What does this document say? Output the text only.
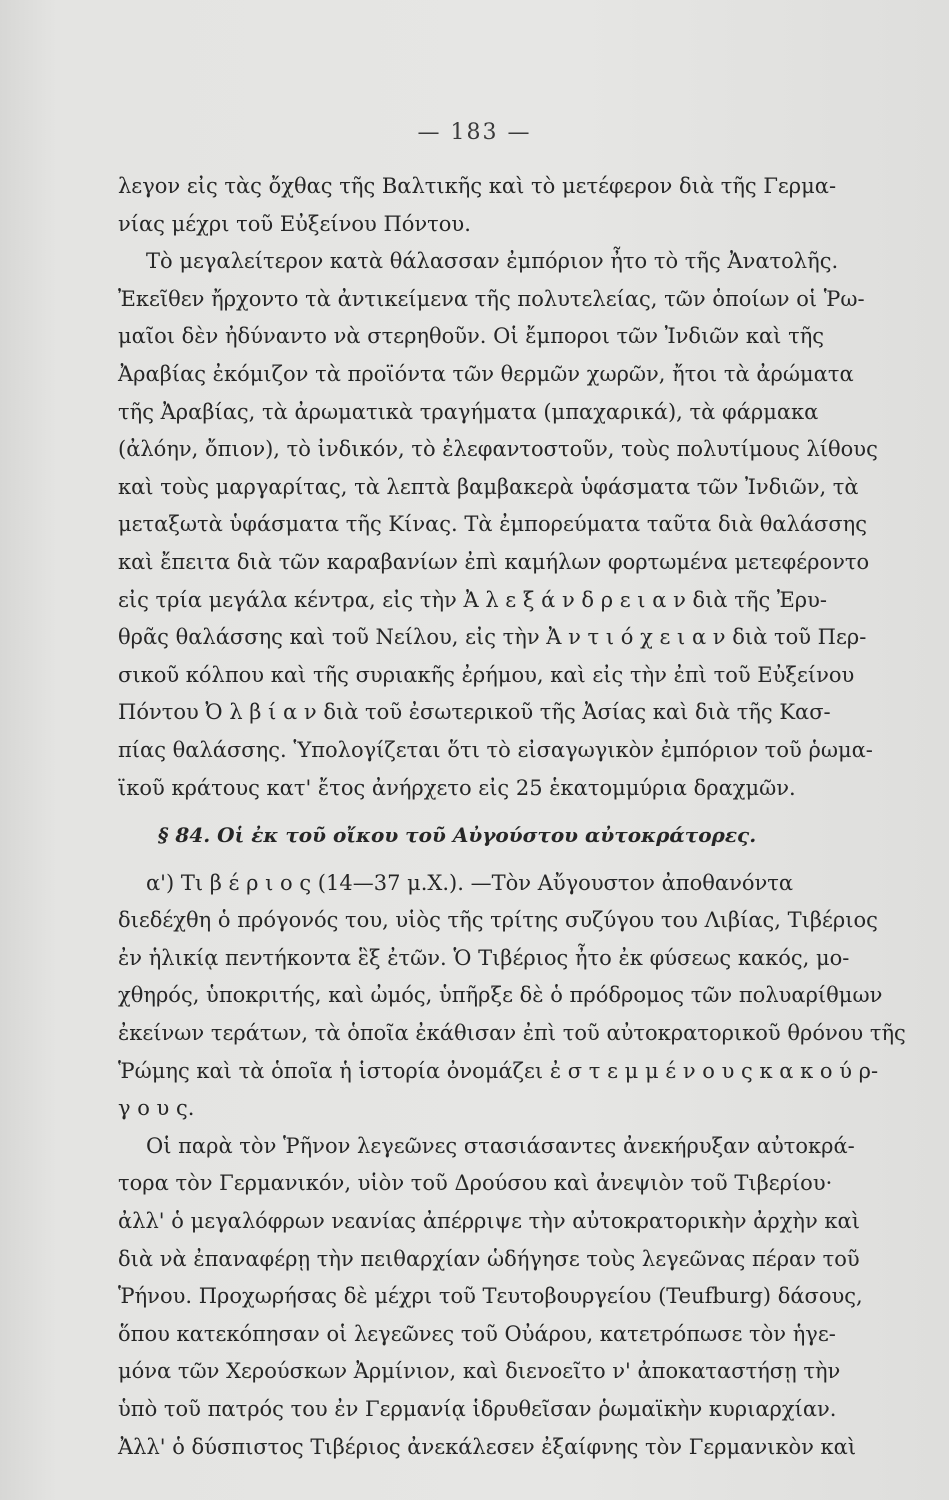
— 183 —
λεγον εἰς τὰς ὄχθας τῆς Βαλτικῆς καὶ τὸ μετέφερον διὰ τῆς Γερμα-
νίας μέχρι τοῦ Εὐξείνου Πόντου.
Τὸ μεγαλείτερον κατὰ θάλασσαν ἐμπόριον ἦτο τὸ τῆς Ἀνατολῆς.
Ἐκεῖθεν ἤρχοντο τὰ ἀντικείμενα τῆς πολυτελείας, τῶν ὁποίων οἱ Ῥω-
μαῖοι δὲν ἠδύναντο νὰ στερηθοῦν. Οἱ ἔμποροι τῶν Ἰνδιῶν καὶ τῆς
Ἀραβίας ἐκόμιζον τὰ προϊόντα τῶν θερμῶν χωρῶν, ἤτοι τὰ ἀρώματα
τῆς Ἀραβίας, τὰ ἀρωματικὰ τραγήματα (μπαχαρικά), τὰ φάρμακα
(ἀλόην, ὄπιον), τὸ ἰνδικόν, τὸ ἐλεφαντοστοῦν, τοὺς πολυτίμους λίθους
καὶ τοὺς μαργαρίτας, τὰ λεπτὰ βαμβακερὰ ὑφάσματα τῶν Ἰνδιῶν, τὰ
μεταξωτὰ ὑφάσματα τῆς Κίνας. Τὰ ἐμπορεύματα ταῦτα διὰ θαλάσσης
καὶ ἔπειτα διὰ τῶν καραβανίων ἐπὶ καμήλων φορτωμένα μετεφέροντο
εἰς τρία μεγάλα κέντρα, εἰς τὴν Ἀ λ ε ξ ά ν δ ρ ε ι α ν διὰ τῆς Ἐρυ-
θρᾶς θαλάσσης καὶ τοῦ Νείλου, εἰς τὴν Ἀ ν τ ι ό χ ε ι α ν διὰ τοῦ Περ-
σικοῦ κόλπου καὶ τῆς συριακῆς ἐρήμου, καὶ εἰς τὴν ἐπὶ τοῦ Εὐξείνου
Πόντου Ὀ λ β ί α ν διὰ τοῦ ἐσωτερικοῦ τῆς Ἀσίας καὶ διὰ τῆς Κασ-
πίας θαλάσσης. Ὑπολογίζεται ὅτι τὸ εἰσαγωγικὸν ἐμπόριον τοῦ ῥωμα-
ϊκοῦ κράτους κατ' ἔτος ἀνήρχετο εἰς 25 ἑκατομμύρια δραχμῶν.
§ 84. Οἱ ἐκ τοῦ οἴκου τοῦ Αὐγούστου αὐτοκράτορες.
α') Τι β έ ρ ι ο ς (14—37 μ.Χ.). —Τὸν Αὔγουστον ἀποθανόντα
διεδέχθη ὁ πρόγονός του, υἱὸς τῆς τρίτης συζύγου του Λιβίας, Τιβέριος
ἐν ἡλικίᾳ πεντήκοντα ἓξ ἐτῶν. Ὁ Τιβέριος ἦτο ἐκ φύσεως κακός, μο-
χθηρός, ὑποκριτής, καὶ ὠμός, ὑπῆρξε δὲ ὁ πρόδρομος τῶν πολυαρίθμων
ἐκείνων τεράτων, τὰ ὁποῖα ἐκάθισαν ἐπὶ τοῦ αὐτοκρατορικοῦ θρόνου τῆς
Ῥώμης καὶ τὰ ὁποῖα ἡ ἱστορία ὀνομάζει ἐ σ τ ε μ μ έ ν ο υ ς κ α κ ο ύ ρ-
γ ο υ ς.
Οἱ παρὰ τὸν Ῥῆνον λεγεῶνες στασιάσαντες ἀνεκήρυξαν αὐτοκρά-
τορα τὸν Γερμανικόν, υἱὸν τοῦ Δρούσου καὶ ἀνεψιὸν τοῦ Τιβερίου·
ἀλλ' ὁ μεγαλόφρων νεανίας ἀπέρριψε τὴν αὐτοκρατορικὴν ἀρχὴν καὶ
διὰ νὰ ἐπαναφέρῃ τὴν πειθαρχίαν ὡδήγησε τοὺς λεγεῶνας πέραν τοῦ
Ῥήνου. Προχωρήσας δὲ μέχρι τοῦ Τευτοβουργείου (Teufburg) δάσους,
ὅπου κατεκόπησαν οἱ λεγεῶνες τοῦ Οὐάρου, κατετρόπωσε τὸν ἡγε-
μόνα τῶν Χερούσκων Ἀρμίνιον, καὶ διενοεῖτο ν' ἀποκαταστήσῃ τὴν
ὑπὸ τοῦ πατρός του ἐν Γερμανίᾳ ἱδρυθεῖσαν ῥωμαϊκὴν κυριαρχίαν.
Ἀλλ' ὁ δύσπιστος Τιβέριος ἀνεκάλεσεν ἐξαίφνης τὸν Γερμανικὸν καὶ
